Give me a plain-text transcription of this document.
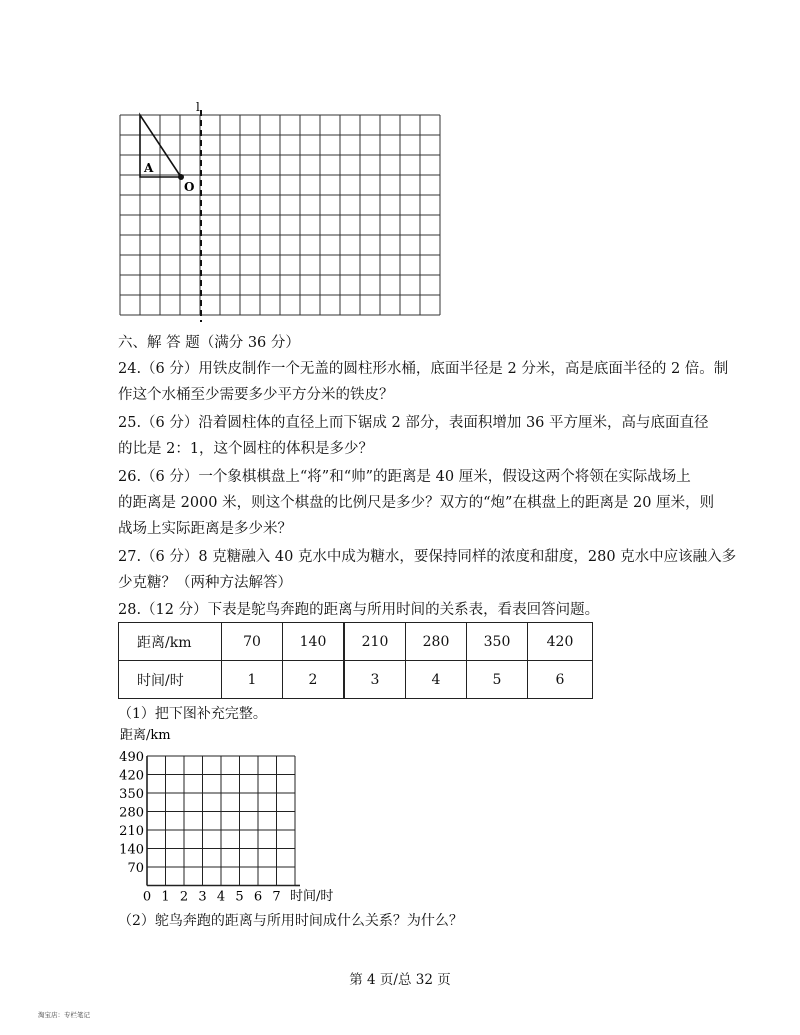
l
A
O
六、解 答 题（满分 36 分）
24.（6 分）用铁皮制作一个无盖的圆柱形水桶，底面半径是 2 分米，高是底面半径的 2 倍。制
作这个水桶至少需要多少平方分米的铁皮？
25.（6 分）沿着圆柱体的直径上而下锯成 2 部分，表面积增加 36 平方厘米，高与底面直径
的比是 2：1，这个圆柱的体积是多少？
26.（6 分）一个象棋棋盘上“将”和“帅”的距离是 40 厘米，假设这两个将领在实际战场上
的距离是 2000 米，则这个棋盘的比例尺是多少？双方的“炮”在棋盘上的距离是 20 厘米，则
战场上实际距离是多少米？
27.（6 分）8 克糖融入 40 克水中成为糖水，要保持同样的浓度和甜度，280 克水中应该融入多
少克糖？（两种方法解答）
28.（12 分）下表是鸵鸟奔跑的距离与所用时间的关系表，看表回答问题。
距离/km	70	140	210	280	350	420
时间/时	1	2	3	4	5	6
（1）把下图补充完整。
距离/km
70
140
210
280
350
420
490
0 1 2 3 4 5 6 7 时间/时
（2）鸵鸟奔跑的距离与所用时间成什么关系？为什么？
第 4 页/总 32 页
淘宝店：专栏笔记
